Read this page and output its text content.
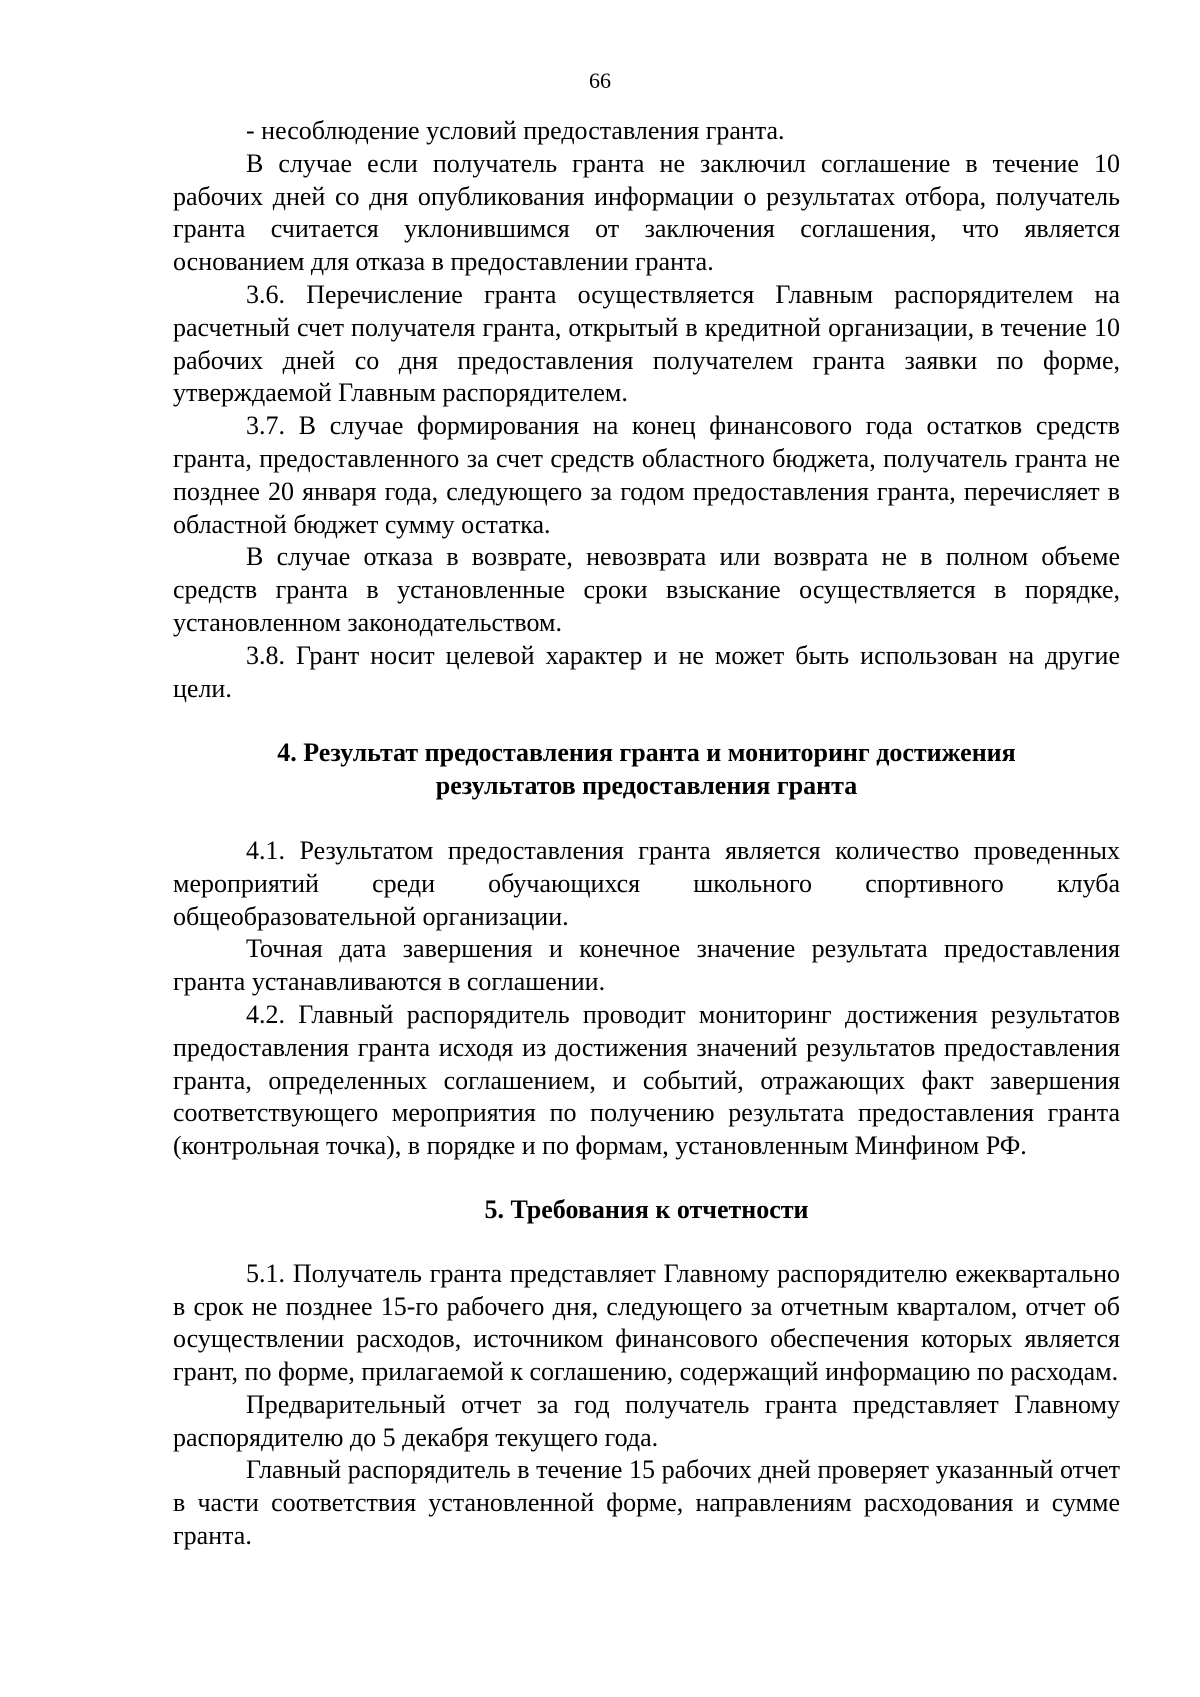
66

- несоблюдение условий предоставления гранта.

В случае если получатель гранта не заключил соглашение в течение 10 рабочих дней со дня опубликования информации о результатах отбора, получатель гранта считается уклонившимся от заключения соглашения, что является основанием для отказа в предоставлении гранта.

3.6. Перечисление гранта осуществляется Главным распорядителем на расчетный счет получателя гранта, открытый в кредитной организации, в течение 10 рабочих дней со дня предоставления получателем гранта заявки по форме, утверждаемой Главным распорядителем.

3.7. В случае формирования на конец финансового года остатков средств гранта, предоставленного за счет средств областного бюджета, получатель гранта не позднее 20 января года, следующего за годом предоставления гранта, перечисляет в областной бюджет сумму остатка.

В случае отказа в возврате, невозврата или возврата не в полном объеме средств гранта в установленные сроки взыскание осуществляется в порядке, установленном законодательством.

3.8. Грант носит целевой характер и не может быть использован на другие цели.

4. Результат предоставления гранта и мониторинг достижения
результатов предоставления гранта

4.1. Результатом предоставления гранта является количество проведенных мероприятий среди обучающихся школьного спортивного клуба общеобразовательной организации.

Точная дата завершения и конечное значение результата предоставления гранта устанавливаются в соглашении.

4.2. Главный распорядитель проводит мониторинг достижения результатов предоставления гранта исходя из достижения значений результатов предоставления гранта, определенных соглашением, и событий, отражающих факт завершения соответствующего мероприятия по получению результата предоставления гранта (контрольная точка), в порядке и по формам, установленным Минфином РФ.

5. Требования к отчетности

5.1. Получатель гранта представляет Главному распорядителю ежеквартально в срок не позднее 15-го рабочего дня, следующего за отчетным кварталом, отчет об осуществлении расходов, источником финансового обеспечения которых является грант, по форме, прилагаемой к соглашению, содержащий информацию по расходам.

Предварительный отчет за год получатель гранта представляет Главному распорядителю до 5 декабря текущего года.

Главный распорядитель в течение 15 рабочих дней проверяет указанный отчет в части соответствия установленной форме, направлениям расходования и сумме гранта.
